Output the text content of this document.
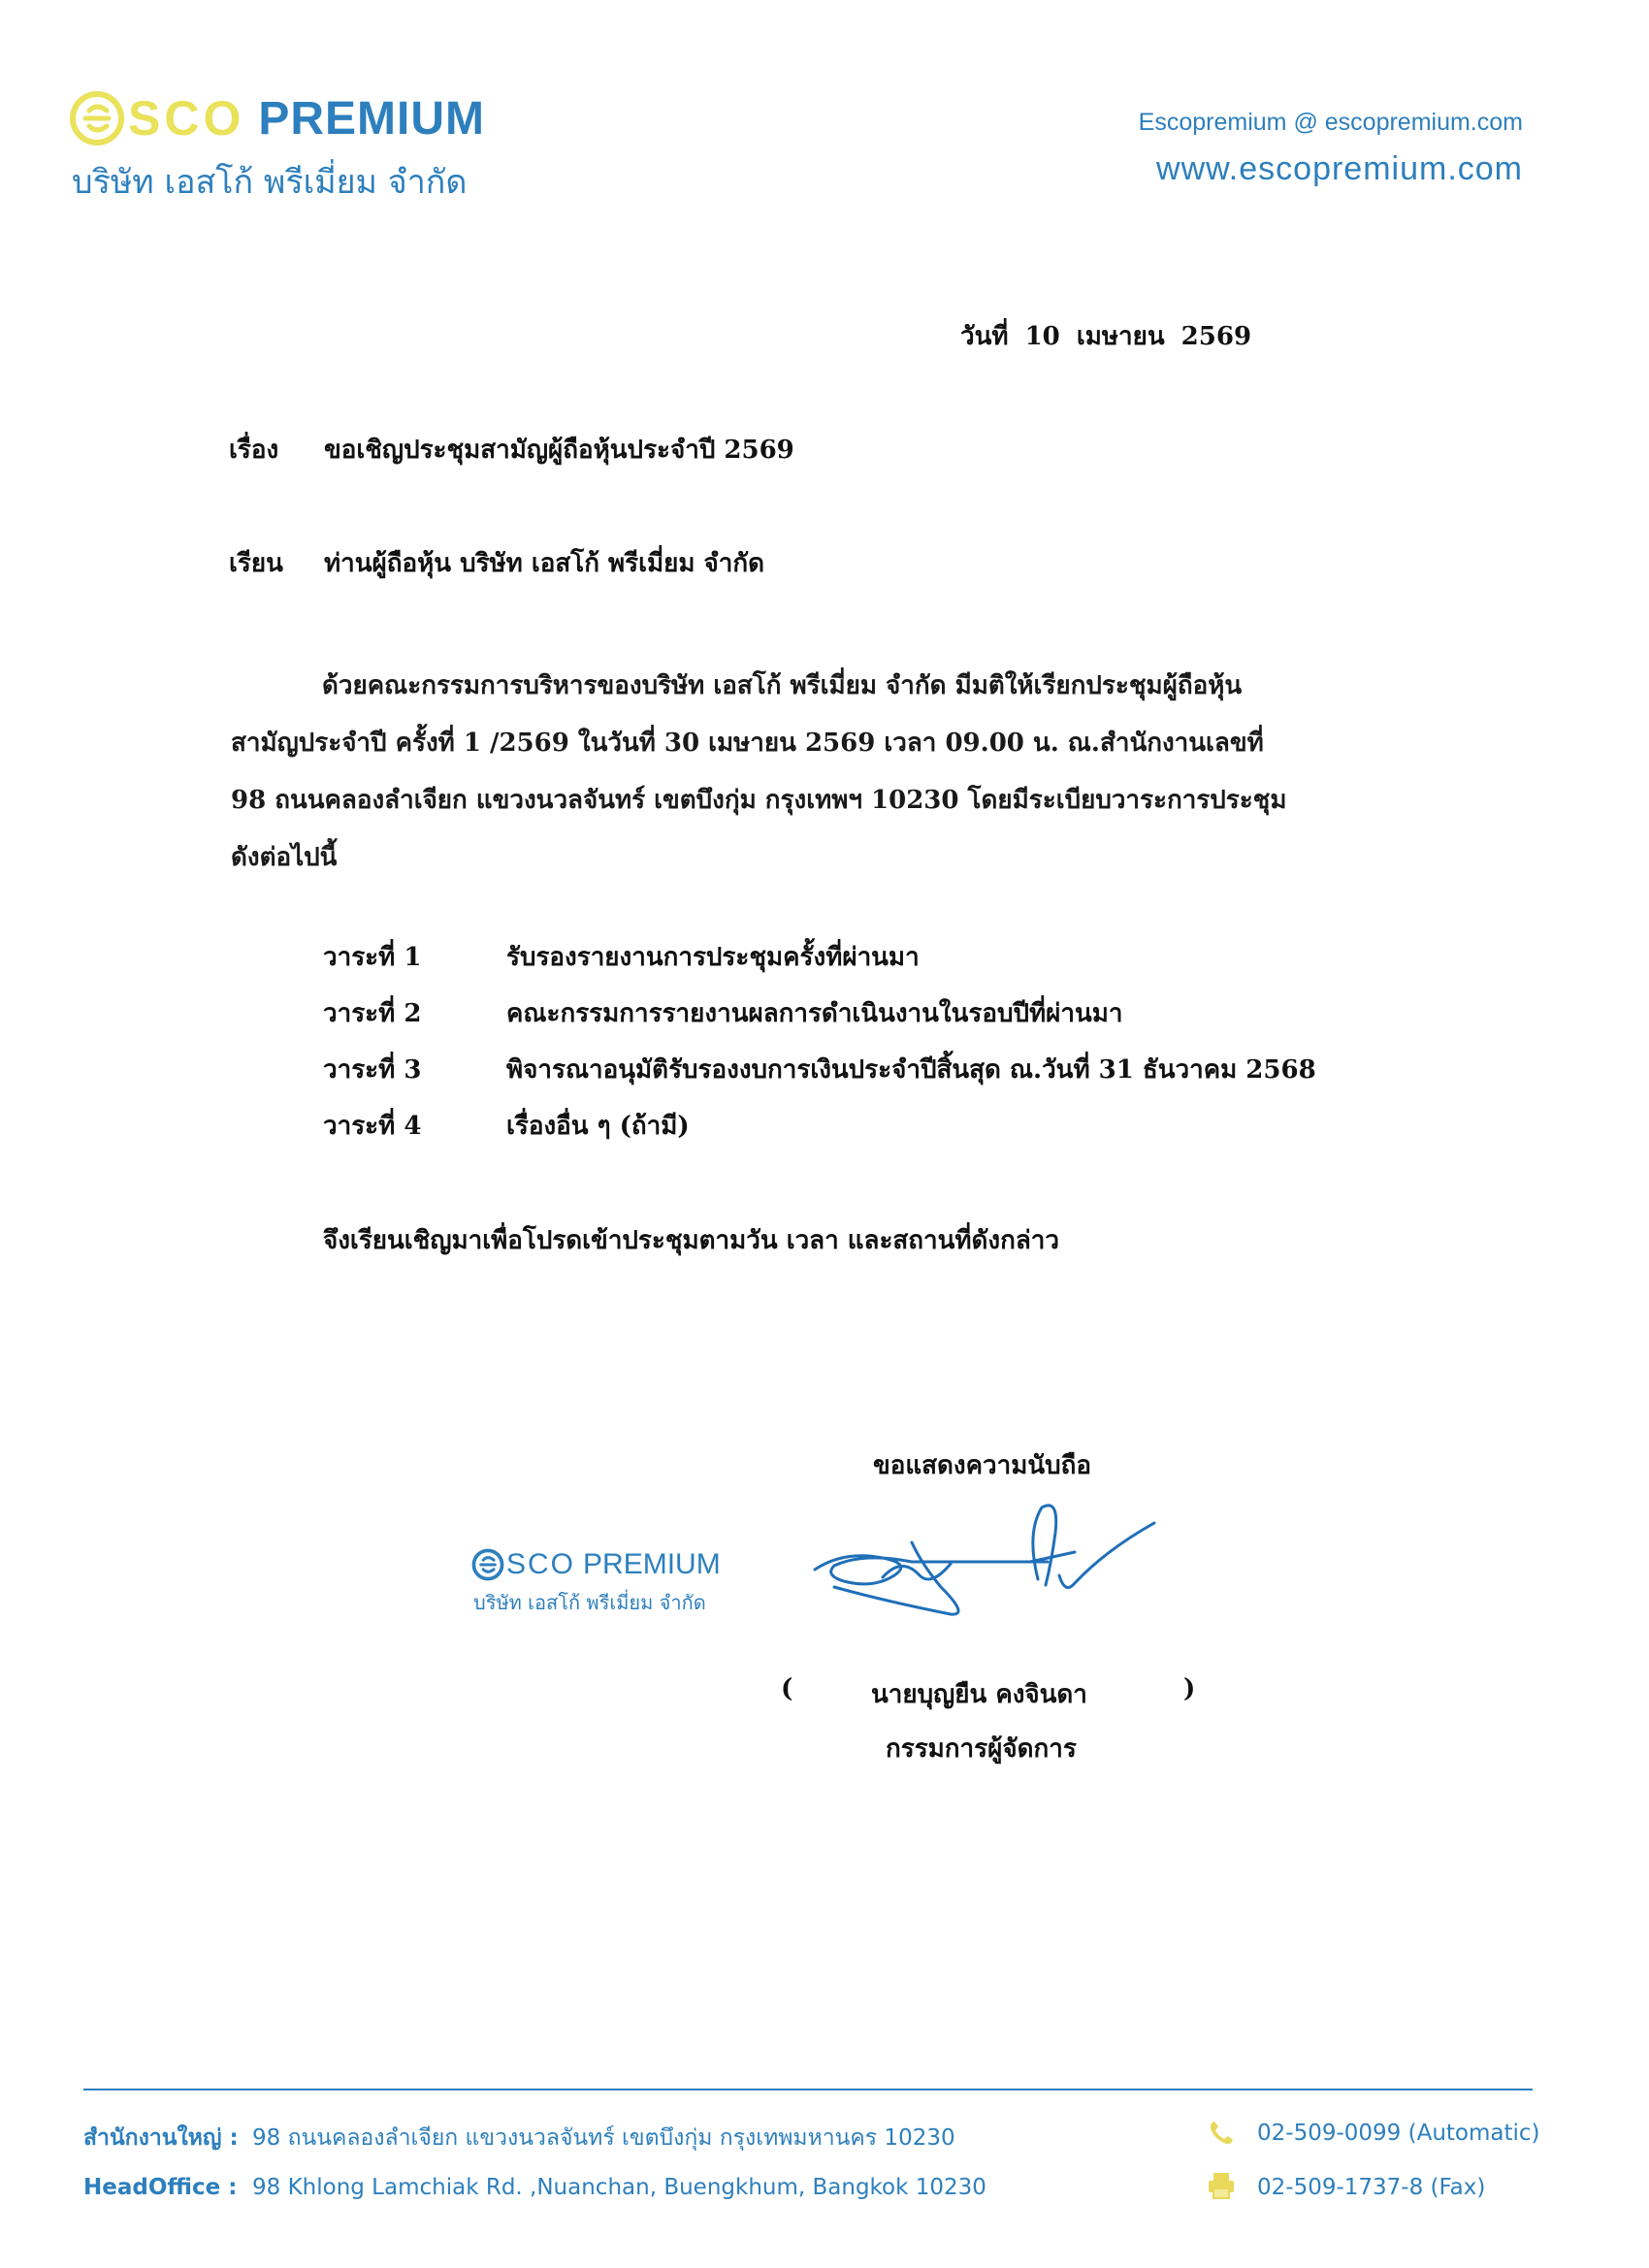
SCO PREMIUM
บริษัท เอสโก้ พรีเมี่ยม จำกัด
Escopremium @ escopremium.com
www.escopremium.com
วันที่ 10 เมษายน 2569
เรื่อง ขอเชิญประชุมสามัญผู้ถือหุ้นประจำปี 2569
เรียน ท่านผู้ถือหุ้น บริษัท เอสโก้ พรีเมี่ยม จำกัด
ด้วยคณะกรรมการบริหารของบริษัท เอสโก้ พรีเมี่ยม จำกัด มีมติให้เรียกประชุมผู้ถือหุ้น สามัญประจำปี ครั้งที่ 1 /2569 ในวันที่ 30 เมษายน 2569 เวลา 09.00 น. ณ.สำนักงานเลขที่ 98 ถนนคลองลำเจียก แขวงนวลจันทร์ เขตบึงกุ่ม กรุงเทพฯ 10230 โดยมีระเบียบวาระการประชุม ดังต่อไปนี้
วาระที่ 1	รับรองรายงานการประชุมครั้งที่ผ่านมา
วาระที่ 2	คณะกรรมการรายงานผลการดำเนินงานในรอบปีที่ผ่านมา
วาระที่ 3	พิจารณาอนุมัติรับรองงบการเงินประจำปีสิ้นสุด ณ.วันที่ 31 ธันวาคม 2568
วาระที่ 4	เรื่องอื่น ๆ (ถ้ามี)
จึงเรียนเชิญมาเพื่อโปรดเข้าประชุมตามวัน เวลา และสถานที่ดังกล่าว
ขอแสดงความนับถือ
SCO PREMIUM
บริษัท เอสโก้ พรีเมี่ยม จำกัด
(	นายบุญยืน คงจินดา	)
กรรมการผู้จัดการ
สำนักงานใหญ่ : 98 ถนนคลองลำเจียก แขวงนวลจันทร์ เขตบึงกุ่ม กรุงเทพมหานคร 10230
HeadOffice : 98 Khlong Lamchiak Rd. ,Nuanchan, Buengkhum, Bangkok 10230
02-509-0099 (Automatic)
02-509-1737-8 (Fax)
